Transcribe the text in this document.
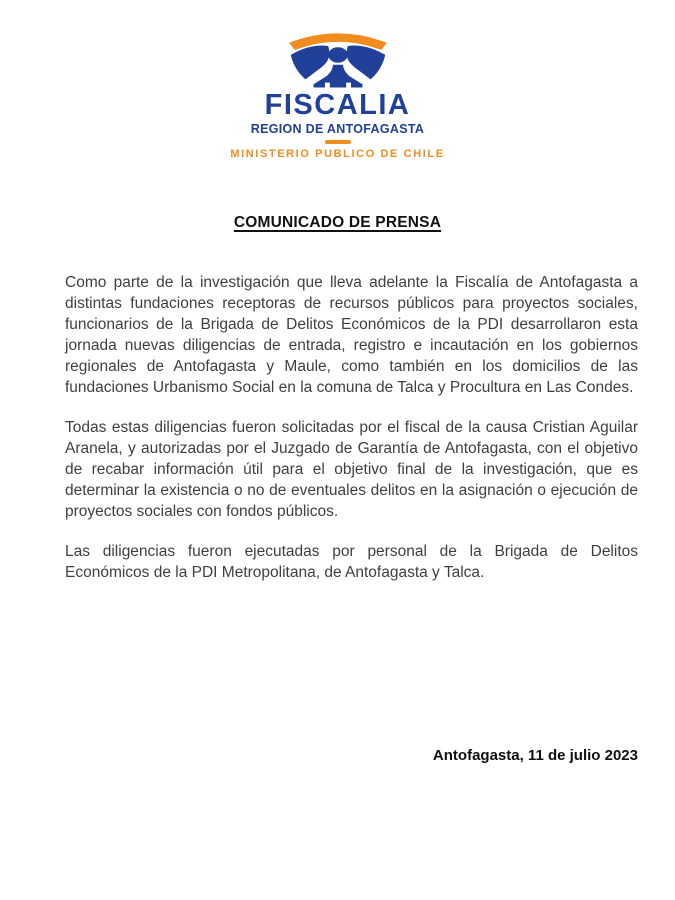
FISCALIA
REGION DE ANTOFAGASTA
MINISTERIO PUBLICO DE CHILE
COMUNICADO DE PRENSA

Como parte de la investigación que lleva adelante la Fiscalía de Antofagasta a distintas fundaciones receptoras de recursos públicos para proyectos sociales, funcionarios de la Brigada de Delitos Económicos de la PDI desarrollaron esta jornada nuevas diligencias de entrada, registro e incautación en los gobiernos regionales de Antofagasta y Maule, como también en los domicilios de las fundaciones Urbanismo Social en la comuna de Talca y Procultura en Las Condes.

Todas estas diligencias fueron solicitadas por el fiscal de la causa Cristian Aguilar Aranela, y autorizadas por el Juzgado de Garantía de Antofagasta, con el objetivo de recabar información útil para el objetivo final de la investigación, que es determinar la existencia o no de eventuales delitos en la asignación o ejecución de proyectos sociales con fondos públicos.

Las diligencias fueron ejecutadas por personal de la Brigada de Delitos Económicos de la PDI Metropolitana, de Antofagasta y Talca.

Antofagasta, 11 de julio 2023
